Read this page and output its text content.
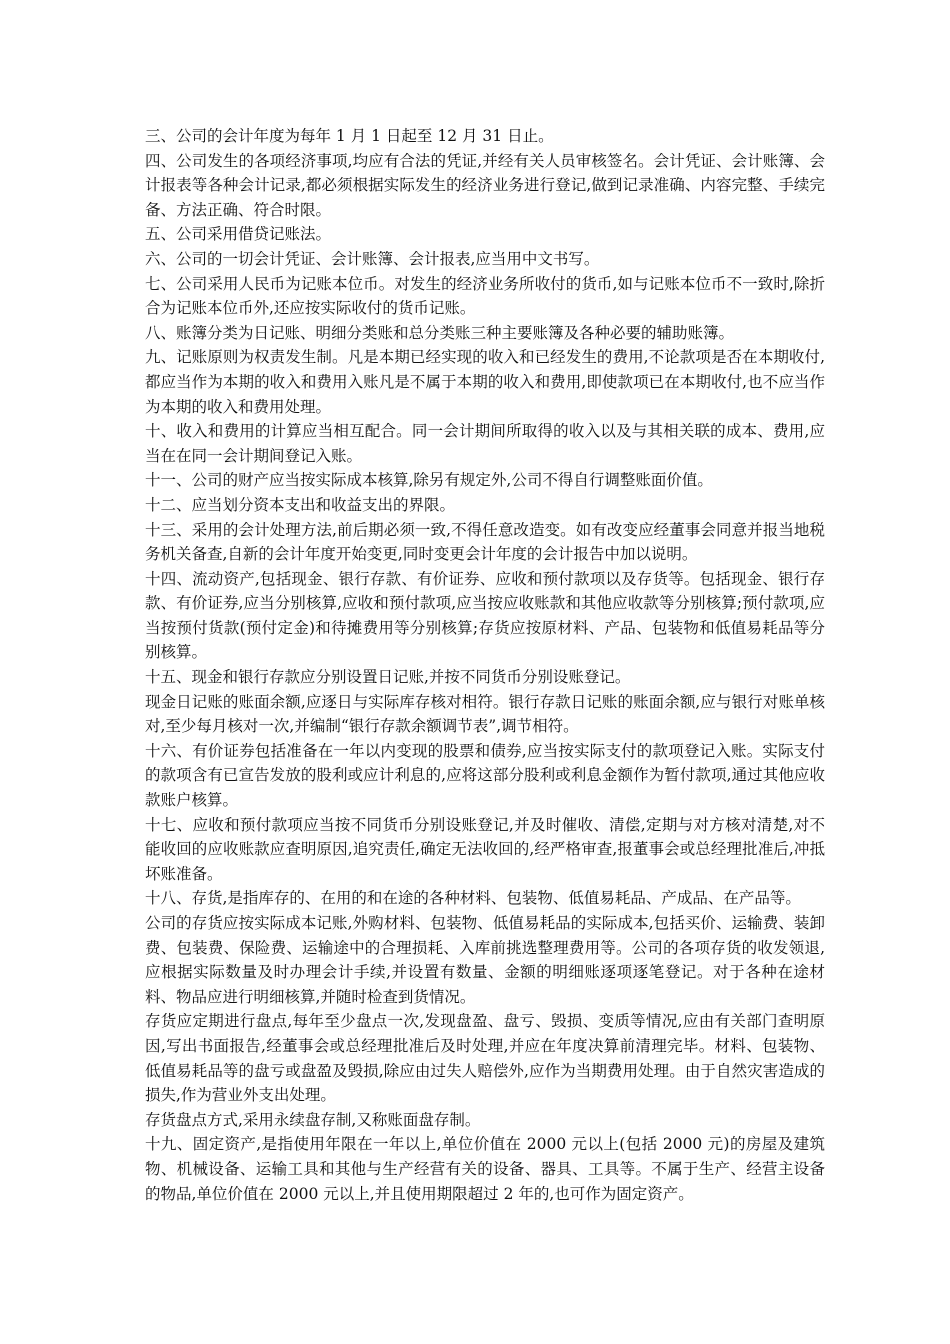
三、公司的会计年度为每年 1 月 1 日起至 12 月 31 日止。

四、公司发生的各项经济事项,均应有合法的凭证,并经有关人员审核签名。会计凭证、会计账簿、会计报表等各种会计记录,都必须根据实际发生的经济业务进行登记,做到记录准确、内容完整、手续完备、方法正确、符合时限。

五、公司采用借贷记账法。

六、公司的一切会计凭证、会计账簿、会计报表,应当用中文书写。

七、公司采用人民币为记账本位币。对发生的经济业务所收付的货币,如与记账本位币不一致时,除折合为记账本位币外,还应按实际收付的货币记账。

八、账簿分类为日记账、明细分类账和总分类账三种主要账簿及各种必要的辅助账簿。

九、记账原则为权责发生制。凡是本期已经实现的收入和已经发生的费用,不论款项是否在本期收付,都应当作为本期的收入和费用入账凡是不属于本期的收入和费用,即使款项已在本期收付,也不应当作为本期的收入和费用处理。

十、收入和费用的计算应当相互配合。同一会计期间所取得的收入以及与其相关联的成本、费用,应当在在同一会计期间登记入账。

十一、公司的财产应当按实际成本核算,除另有规定外,公司不得自行调整账面价值。

十二、应当划分资本支出和收益支出的界限。

十三、采用的会计处理方法,前后期必须一致,不得任意改造变。如有改变应经董事会同意并报当地税务机关备查,自新的会计年度开始变更,同时变更会计年度的会计报告中加以说明。

十四、流动资产,包括现金、银行存款、有价证券、应收和预付款项以及存货等。包括现金、银行存款、有价证券,应当分别核算,应收和预付款项,应当按应收账款和其他应收款等分别核算;预付款项,应当按预付货款(预付定金)和待摊费用等分别核算;存货应按原材料、产品、包装物和低值易耗品等分别核算。

十五、现金和银行存款应分别设置日记账,并按不同货币分别设账登记。

现金日记账的账面余额,应逐日与实际库存核对相符。银行存款日记账的账面余额,应与银行对账单核对,至少每月核对一次,并编制“银行存款余额调节表”,调节相符。

十六、有价证券包括准备在一年以内变现的股票和债券,应当按实际支付的款项登记入账。实际支付的款项含有已宣告发放的股利或应计利息的,应将这部分股利或利息金额作为暂付款项,通过其他应收款账户核算。

十七、应收和预付款项应当按不同货币分别设账登记,并及时催收、清偿,定期与对方核对清楚,对不能收回的应收账款应查明原因,追究责任,确定无法收回的,经严格审查,报董事会或总经理批准后,冲抵坏账准备。

十八、存货,是指库存的、在用的和在途的各种材料、包装物、低值易耗品、产成品、在产品等。

公司的存货应按实际成本记账,外购材料、包装物、低值易耗品的实际成本,包括买价、运输费、装卸费、包装费、保险费、运输途中的合理损耗、入库前挑选整理费用等。公司的各项存货的收发领退,应根据实际数量及时办理会计手续,并设置有数量、金额的明细账逐项逐笔登记。对于各种在途材料、物品应进行明细核算,并随时检查到货情况。

存货应定期进行盘点,每年至少盘点一次,发现盘盈、盘亏、毁损、变质等情况,应由有关部门查明原因,写出书面报告,经董事会或总经理批准后及时处理,并应在年度决算前清理完毕。材料、包装物、低值易耗品等的盘亏或盘盈及毁损,除应由过失人赔偿外,应作为当期费用处理。由于自然灾害造成的损失,作为营业外支出处理。

存货盘点方式,采用永续盘存制,又称账面盘存制。

十九、固定资产,是指使用年限在一年以上,单位价值在 2000 元以上(包括 2000 元)的房屋及建筑物、机械设备、运输工具和其他与生产经营有关的设备、器具、工具等。不属于生产、经营主设备的物品,单位价值在 2000 元以上,并且使用期限超过 2 年的,也可作为固定资产。
